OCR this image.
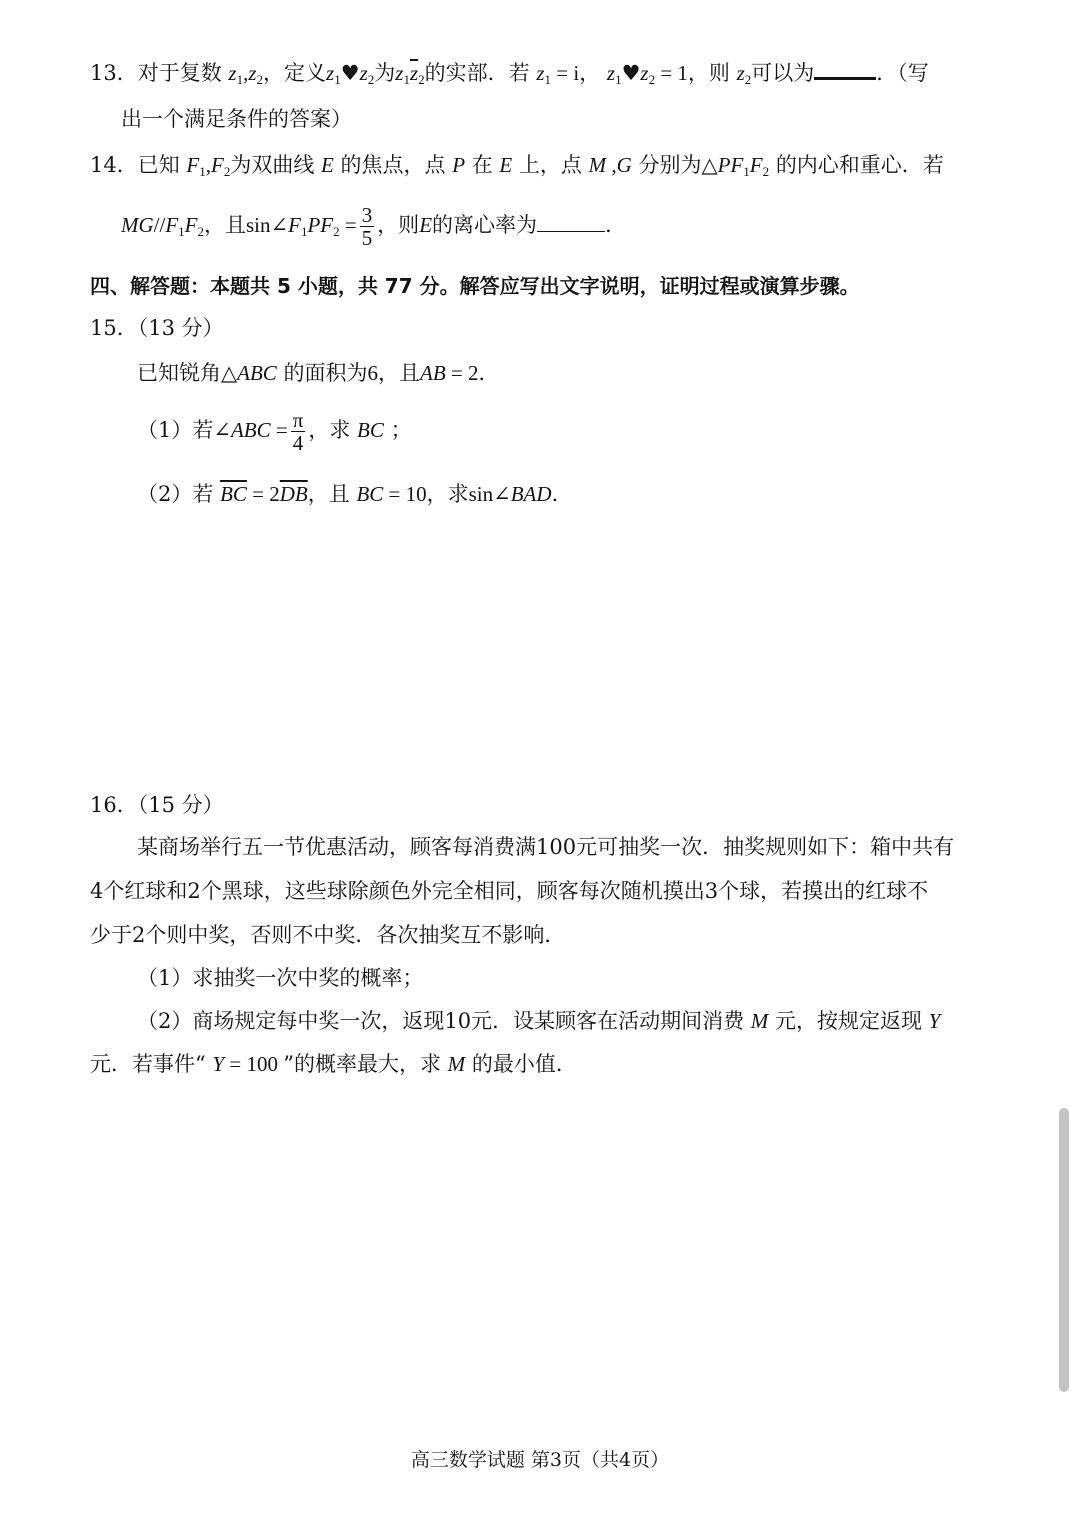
13．对于复数 $z_1,z_2$，定义$z_1♥z_2$为$z_1\overline{z}_2$的实部．若 $z_1 = i$， $z_1♥z_2 = 1$，则 $z_2$可以为	．（写
出一个满足条件的答案）
14．已知 $F_1,F_2$为双曲线 E 的焦点，点 P 在 E 上，点 M ,G 分别为$\triangle PF_1F_2$ 的内心和重心．若
$MG//F_1F_2$，且$\sin\angle F_1PF_2 = \frac{3}{5}$ ，则E的离心率为	.
四、解答题：本题共 5 小题，共 77 分。解答应写出文字说明，证明过程或演算步骤。
15．（13 分）
已知锐角△ABC 的面积为6，且AB = 2．
（1）若∠ABC = $\frac{\pi}{4}$ ，求 BC ；
（2）若 $\overline{BC} = 2\overline{DB}$，且 BC = 10，求sin∠BAD．
16．（15 分）
某商场举行五一节优惠活动，顾客每消费满100元可抽奖一次．抽奖规则如下：箱中共有
4个红球和2个黑球，这些球除颜色外完全相同，顾客每次随机摸出3个球，若摸出的红球不
少于2个则中奖，否则不中奖．各次抽奖互不影响．
（1）求抽奖一次中奖的概率；
（2）商场规定每中奖一次，返现10元．设某顾客在活动期间消费 M 元，按规定返现 Y
元．若事件“ Y = 100 ”的概率最大，求 M 的最小值．
高三数学试题 第3页（共4页）
